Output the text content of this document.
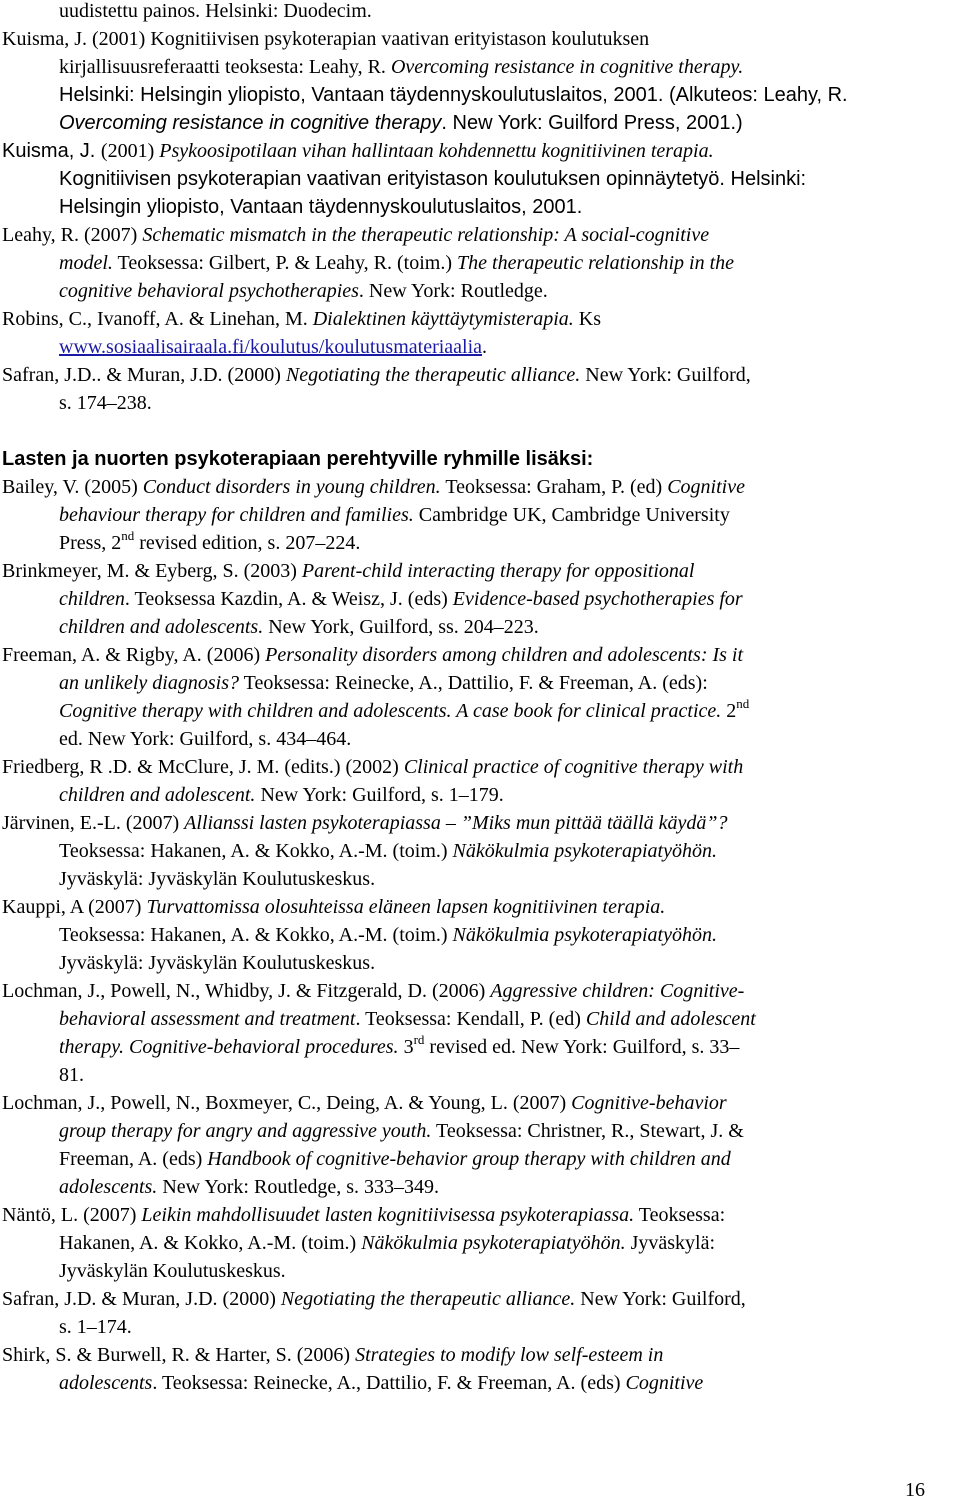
uudistettu painos. Helsinki: Duodecim.
Kuisma, J. (2001) Kognitiivisen psykoterapian vaativan erityistason koulutuksen
kirjallisuusreferaatti teoksesta: Leahy, R. Overcoming resistance in cognitive therapy.
Helsinki: Helsingin yliopisto, Vantaan täydennyskoulutuslaitos, 2001. (Alkuteos: Leahy, R.
Overcoming resistance in cognitive therapy. New York: Guilford Press, 2001.)
Kuisma, J. (2001) Psykoosipotilaan vihan hallintaan kohdennettu kognitiivinen terapia.
Kognitiivisen psykoterapian vaativan erityistason koulutuksen opinnäytetyö. Helsinki:
Helsingin yliopisto, Vantaan täydennyskoulutuslaitos, 2001.
Leahy, R. (2007) Schematic mismatch in the therapeutic relationship: A social-cognitive
model. Teoksessa: Gilbert, P. & Leahy, R. (toim.) The therapeutic relationship in the
cognitive behavioral psychotherapies. New York: Routledge.
Robins, C., Ivanoff, A. & Linehan, M. Dialektinen käyttäytymisterapia. Ks
www.sosiaalisairaala.fi/koulutus/koulutusmateriaalia.
Safran, J.D.. & Muran, J.D. (2000) Negotiating the therapeutic alliance. New York: Guilford,
s. 174–238.
Lasten ja nuorten psykoterapiaan perehtyville ryhmille lisäksi:
Bailey, V. (2005) Conduct disorders in young children. Teoksessa: Graham, P. (ed) Cognitive
behaviour therapy for children and families. Cambridge UK, Cambridge University
Press, 2nd revised edition, s. 207–224.
Brinkmeyer, M. & Eyberg, S. (2003) Parent-child interacting therapy for oppositional
children. Teoksessa Kazdin, A. & Weisz, J. (eds) Evidence-based psychotherapies for
children and adolescents. New York, Guilford, ss. 204–223.
Freeman, A. & Rigby, A. (2006) Personality disorders among children and adolescents: Is it
an unlikely diagnosis? Teoksessa: Reinecke, A., Dattilio, F. & Freeman, A. (eds):
Cognitive therapy with children and adolescents. A case book for clinical practice. 2nd
ed. New York: Guilford, s. 434–464.
Friedberg, R .D. & McClure, J. M. (edits.) (2002) Clinical practice of cognitive therapy with
children and adolescent. New York: Guilford, s. 1–179.
Järvinen, E.-L. (2007) Allianssi lasten psykoterapiassa – ”Miks mun pittää täällä käydä”?
Teoksessa: Hakanen, A. & Kokko, A.-M. (toim.) Näkökulmia psykoterapiatyöhön.
Jyväskylä: Jyväskylän Koulutuskeskus.
Kauppi, A (2007) Turvattomissa olosuhteissa eläneen lapsen kognitiivinen terapia.
Teoksessa: Hakanen, A. & Kokko, A.-M. (toim.) Näkökulmia psykoterapiatyöhön.
Jyväskylä: Jyväskylän Koulutuskeskus.
Lochman, J., Powell, N., Whidby, J. & Fitzgerald, D. (2006) Aggressive children: Cognitive-
behavioral assessment and treatment. Teoksessa: Kendall, P. (ed) Child and adolescent
therapy. Cognitive-behavioral procedures. 3rd revised ed. New York: Guilford, s. 33–
81.
Lochman, J., Powell, N., Boxmeyer, C., Deing, A. & Young, L. (2007) Cognitive-behavior
group therapy for angry and aggressive youth. Teoksessa: Christner, R., Stewart, J. &
Freeman, A. (eds) Handbook of cognitive-behavior group therapy with children and
adolescents. New York: Routledge, s. 333–349.
Näntö, L. (2007) Leikin mahdollisuudet lasten kognitiivisessa psykoterapiassa. Teoksessa:
Hakanen, A. & Kokko, A.-M. (toim.) Näkökulmia psykoterapiatyöhön. Jyväskylä:
Jyväskylän Koulutuskeskus.
Safran, J.D. & Muran, J.D. (2000) Negotiating the therapeutic alliance. New York: Guilford,
s. 1–174.
Shirk, S. & Burwell, R. & Harter, S. (2006) Strategies to modify low self-esteem in
adolescents. Teoksessa: Reinecke, A., Dattilio, F. & Freeman, A. (eds) Cognitive
16
